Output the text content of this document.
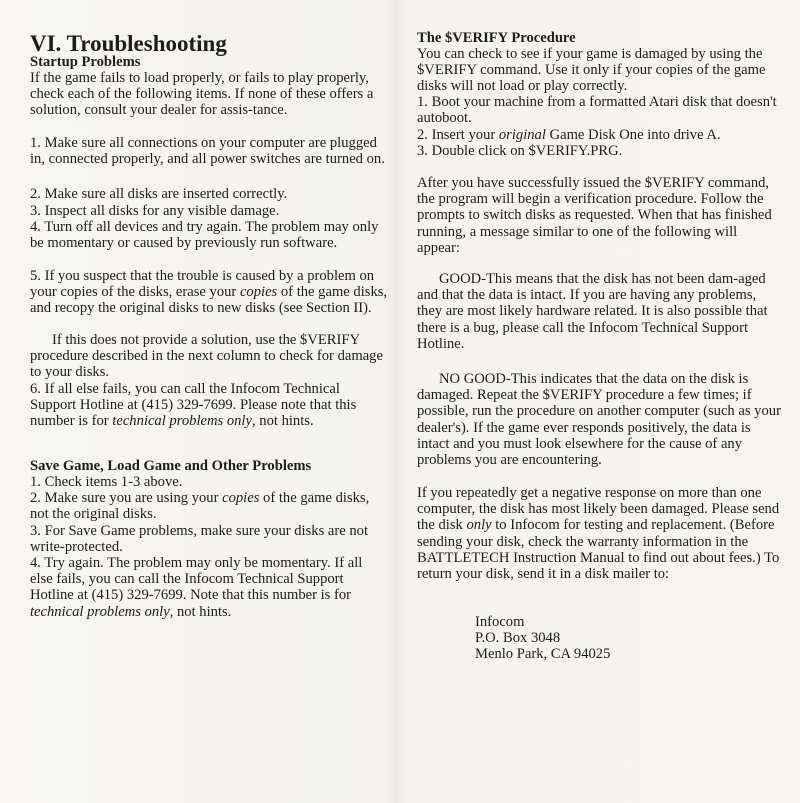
VI. Troubleshooting

Startup Problems

If the game fails to load properly, or fails to play properly, check each of the following items. If none of these offers a solution, consult your dealer for assis-tance.

1. Make sure all connections on your computer are plugged in, connected properly, and all power switches are turned on.

2. Make sure all disks are inserted correctly.

3. Inspect all disks for any visible damage.

4. Turn off all devices and try again. The problem may only be momentary or caused by previously run software.

5. If you suspect that the trouble is caused by a problem on your copies of the disks, erase your copies of the game disks, and recopy the original disks to new disks (see Section II).

If this does not provide a solution, use the $VERIFY procedure described in the next column to check for damage to your disks.

6. If all else fails, you can call the Infocom Technical Support Hotline at (415) 329-7699. Please note that this number is for technical problems only, not hints.

Save Game, Load Game and Other Problems

1. Check items 1-3 above.

2. Make sure you are using your copies of the game disks, not the original disks.

3. For Save Game problems, make sure your disks are not write-protected.

4. Try again. The problem may only be momentary. If all else fails, you can call the Infocom Technical Support Hotline at (415) 329-7699. Note that this number is for technical problems only, not hints.

The $VERIFY Procedure

You can check to see if your game is damaged by using the $VERIFY command. Use it only if your copies of the game disks will not load or play correctly.

1. Boot your machine from a formatted Atari disk that doesn't autoboot.

2. Insert your original Game Disk One into drive A.

3. Double click on $VERIFY.PRG.

After you have successfully issued the $VERIFY command, the program will begin a verification procedure. Follow the prompts to switch disks as requested. When that has finished running, a message similar to one of the following will appear:

GOOD-This means that the disk has not been dam-aged and that the data is intact. If you are having any problems, they are most likely hardware related. It is also possible that there is a bug, please call the Infocom Technical Support Hotline.

NO GOOD-This indicates that the data on the disk is damaged. Repeat the $VERIFY procedure a few times; if possible, run the procedure on another computer (such as your dealer's). If the game ever responds positively, the data is intact and you must look elsewhere for the cause of any problems you are encountering.

If you repeatedly get a negative response on more than one computer, the disk has most likely been damaged. Please send the disk only to Infocom for testing and replacement. (Before sending your disk, check the warranty information in the BATTLETECH Instruction Manual to find out about fees.) To return your disk, send it in a disk mailer to:

Infocom
P.O. Box 3048
Menlo Park, CA 94025
